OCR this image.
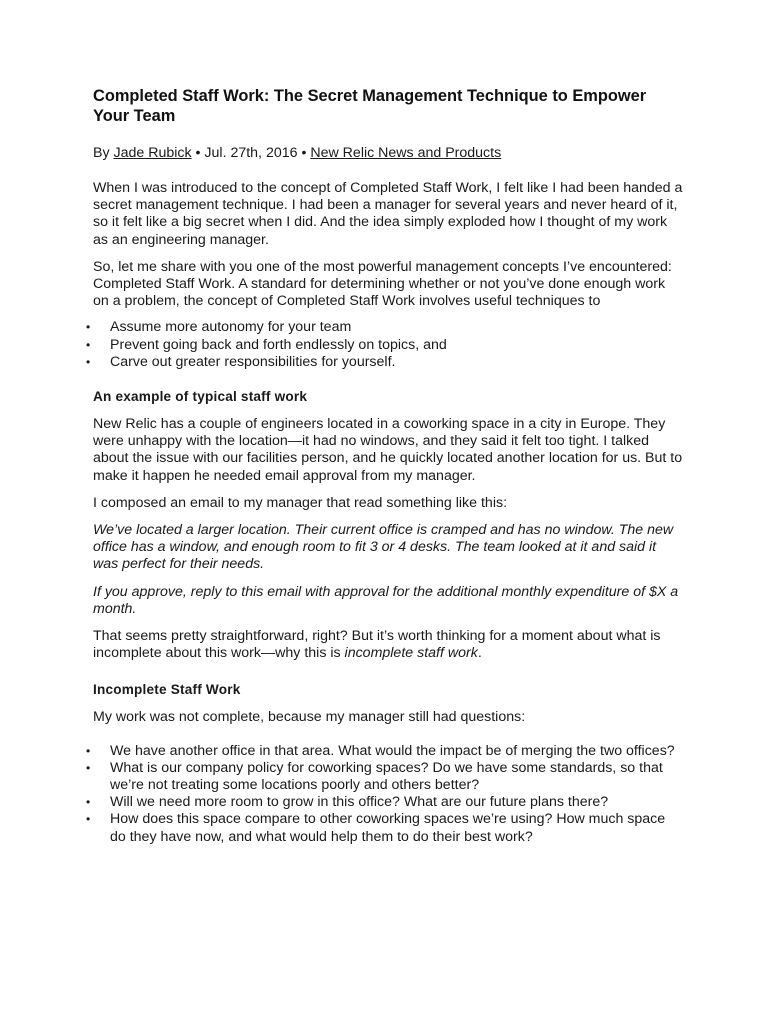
Completed Staff Work: The Secret Management Technique to Empower Your Team
By Jade Rubick • Jul. 27th, 2016 • New Relic News and Products

When I was introduced to the concept of Completed Staff Work, I felt like I had been handed a secret management technique. I had been a manager for several years and never heard of it, so it felt like a big secret when I did. And the idea simply exploded how I thought of my work as an engineering manager.

So, let me share with you one of the most powerful management concepts I’ve encountered: Completed Staff Work. A standard for determining whether or not you’ve done enough work on a problem, the concept of Completed Staff Work involves useful techniques to

• Assume more autonomy for your team
• Prevent going back and forth endlessly on topics, and
• Carve out greater responsibilities for yourself.
An example of typical staff work

New Relic has a couple of engineers located in a coworking space in a city in Europe. They were unhappy with the location—it had no windows, and they said it felt too tight. I talked about the issue with our facilities person, and he quickly located another location for us. But to make it happen he needed email approval from my manager.

I composed an email to my manager that read something like this:

We’ve located a larger location. Their current office is cramped and has no window. The new office has a window, and enough room to fit 3 or 4 desks. The team looked at it and said it was perfect for their needs.

If you approve, reply to this email with approval for the additional monthly expenditure of $X a month.

That seems pretty straightforward, right? But it’s worth thinking for a moment about what is incomplete about this work—why this is incomplete staff work.

Incomplete Staff Work

My work was not complete, because my manager still had questions:

• We have another office in that area. What would the impact be of merging the two offices?
• What is our company policy for coworking spaces? Do we have some standards, so that we’re not treating some locations poorly and others better?
• Will we need more room to grow in this office? What are our future plans there?
• How does this space compare to other coworking spaces we’re using? How much space do they have now, and what would help them to do their best work?
